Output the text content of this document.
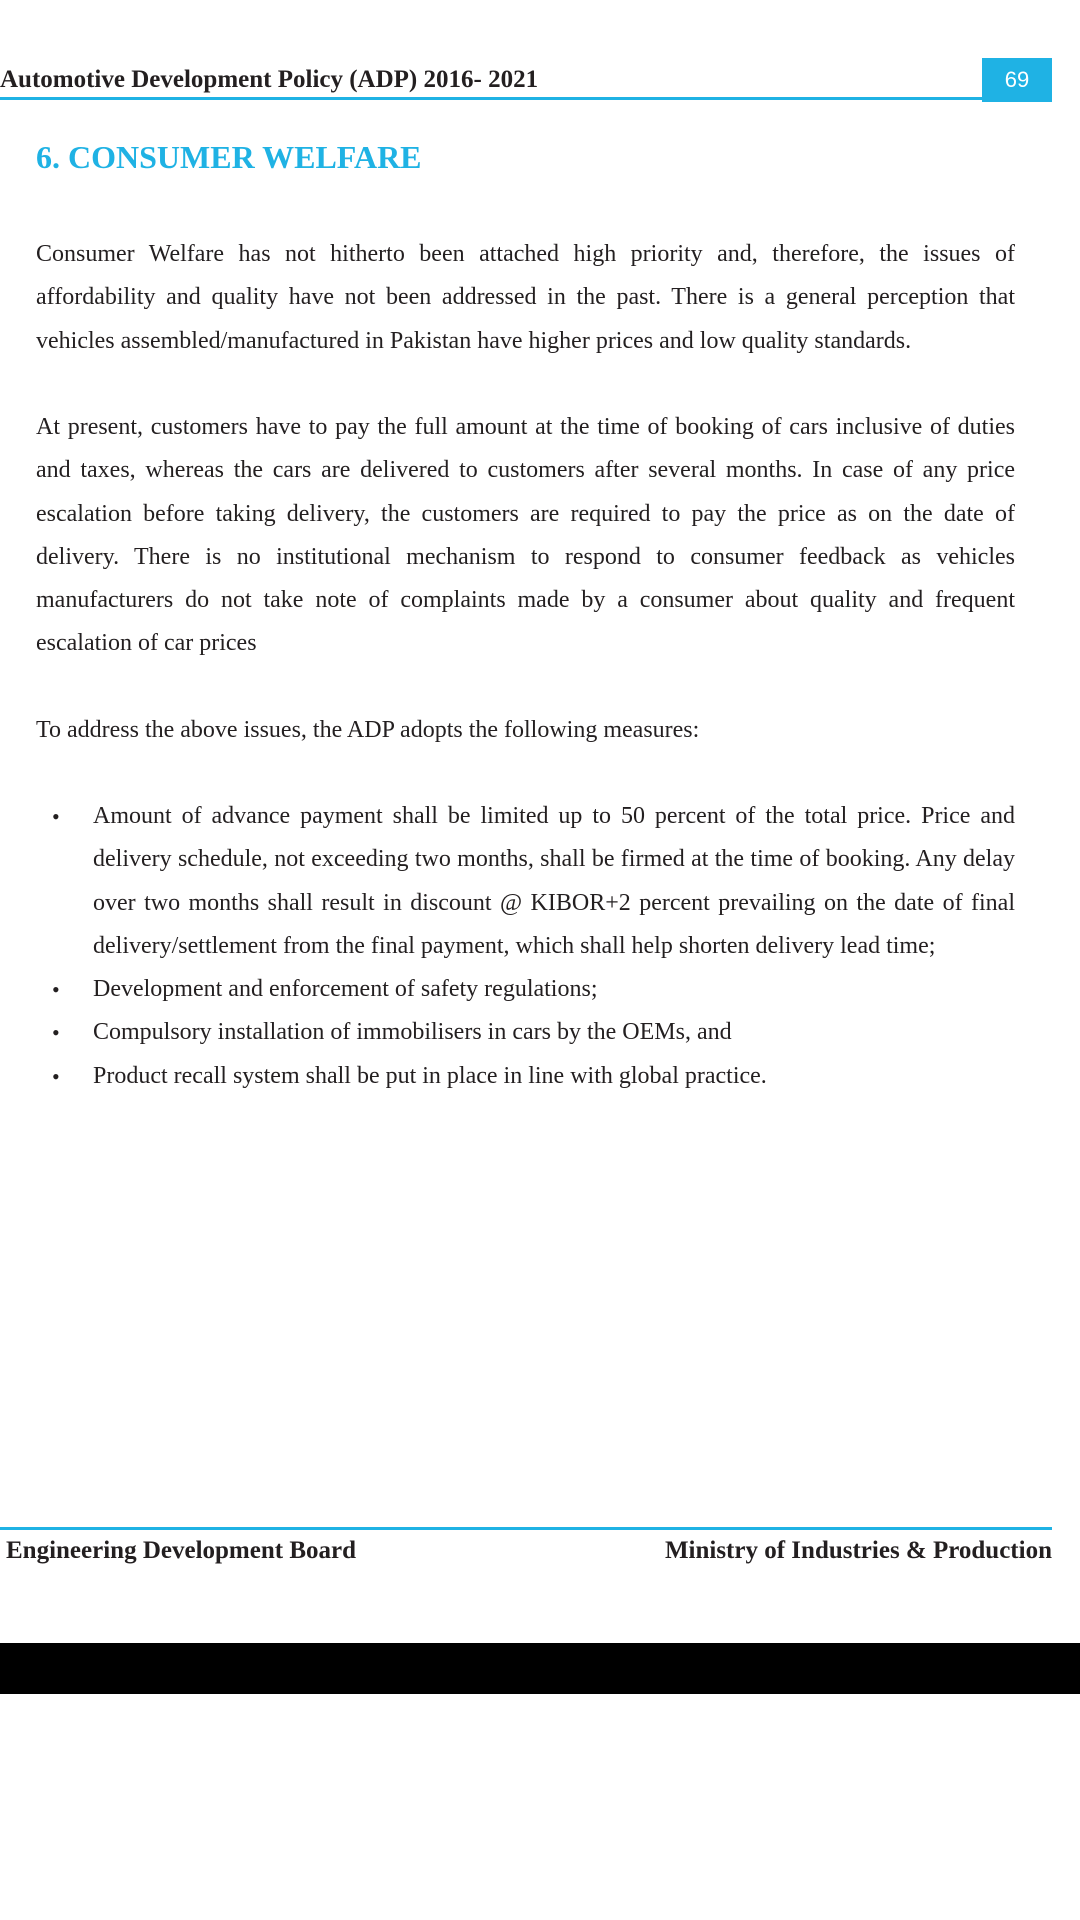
Automotive Development Policy (ADP) 2016- 2021	69
6. CONSUMER WELFARE

Consumer Welfare has not hitherto been attached high priority and, therefore, the issues of affordability and quality have not been addressed in the past. There is a general perception that vehicles assembled/manufactured in Pakistan have higher prices and low quality standards.

At present, customers have to pay the full amount at the time of booking of cars inclusive of duties and taxes, whereas the cars are delivered to customers after several months. In case of any price escalation before taking delivery, the customers are required to pay the price as on the date of delivery. There is no institutional mechanism to respond to consumer feedback as vehicles manufacturers do not take note of complaints made by a consumer about quality and frequent escalation of car prices

To address the above issues, the ADP adopts the following measures:

• Amount of advance payment shall be limited up to 50 percent of the total price. Price and delivery schedule, not exceeding two months, shall be firmed at the time of booking. Any delay over two months shall result in discount @ KIBOR+2 percent prevailing on the date of final delivery/settlement from the final payment, which shall help shorten delivery lead time;
• Development and enforcement of safety regulations;
• Compulsory installation of immobilisers in cars by the OEMs, and
• Product recall system shall be put in place in line with global practice.
Engineering Development Board	Ministry of Industries & Production
